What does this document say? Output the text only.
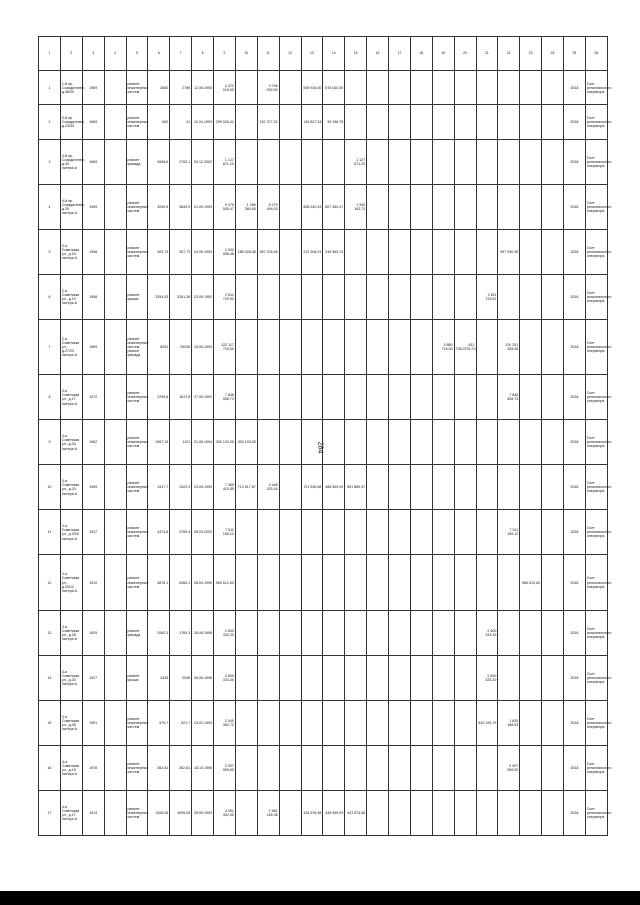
284
1	2	3	4	5	6	7	8	9	10	11	12	13	14	15	16	17	18	19	20	21	22	23	24	25	26
1	1-й пр. Созидателей, д.38/30	1969		ремонт инженерных систем	3560	2789	12.06.1993	4 472 016,00		3 748 092,00		549 916,00	578 040,00											2018	Счет регионального оператора
2	2-й пр. Созидателей, д.23/33	1969		ремонт инженерных систем	600	41	12.04.1993	299 526,41		167 377,32		145 827,34	39 348,75											2018	Счет регионального оператора
3	3-й пр. Созидателей, д.25 литера А	1969		ремонт фасада	2698,6	2763,1	03.12.2002	1 127 671,20						1 127 671,20										2018	Счет регионального оператора
4	4-й пр. Созидателей, д.25 литера А	1969		ремонт инженерных систем	3090,6	3849,9	01.09.1993	9 475 505,47	1 396 380,65	5 279 494,03		808 240,43	607 450,47	1 340 163,72										2018	Счет регионального оператора
5	2-я Советская ул., д.15 литера А	1958		ремонт инженерных систем	403,73	357,73	24.06.1993	2 002 096,46	185 028,36	967 378,46		212 308,91	249 463,74								997 930,95			2018	Счет регионального оператора
6	2-я Советская ул., д.19 литера А	1958		ремонт крыши	3354,03	3281,38	23.09.1992	2 811 729,52												2 811 729,52				2018	Счет регионального оператора
7	2-я Советская ул., д.27/23 литера А	1969		ремонт инженерных систем, ремонт фасада	8251	29030	15.05.1993	122 117 719,00										5 860 716,00	812 746,0701,74		120 251 285,95			2018	Счет регионального оператора
8	3-я Советская ул., д.17 литера А	1972		ремонт инженерных систем	2295,8	1872,8	17.05.1992	7 846 508,73													7 846 508,73			2018	Счет регионального оператора
9	3-я Советская ул., д.34 литера А	1962		ремонт инженерных систем	1987,15	1101	21.08.1994	300 103,05	300 103,05															2018	Счет регионального оператора
10	3-я Советская ул., д.20 литера А	1969		ремонт инженерных систем	1517,7	1923,3	23.05.1994	7 369 410,85	714 517,87	3 448 325,16		721 536,58	468 509,00	651 889,37										2018	Счет регионального оператора
11	3-я Советская ул., д.20/5 литера А	1937		ремонт инженерных систем	4374,8	3769,4	26.03.2003	7 511 169,12													7 511 169,12			2018	Счет регионального оператора
12	3-я Советская ул., д.20/12 литера А	1910		ремонт инженерных систем	5878,1	5365,1	28.04.1999	960 612,60														960 612,60		2018	Счет регионального оператора
13	3-я Советская ул., д.28 литера А	1929		ремонт фасада	2062,3	1769,3	26.08.1998	2 600 333,30												2 600 333,30				2018	Счет регионального оператора
14	3-я Советская ул., д.30 литера А	1927		ремонт крыши	2435	2046	26.08.1998	2 600 333,30												2 600 333,30				2018	Счет регионального оператора
15	3-я Советская ул., д.35 литера А	1991		ремонт инженерных систем	575,7	521,7	13.02.1993	2 440 382,72												810 193,79	1 630 188,93			2018	Счет регионального оператора
16	4-я Советская ул., д.15 литера А	1978		ремонт инженерных систем	362,81	362,81	18.10.1996	2 007 959,50													2 007 959,50			2018	Счет регионального оператора
17	4-я Советская ул., д.17 литера А	1913		ремонт инженерных систем	1306,05	1095,05	28.09.1993	4 051 402,00		2 961 155,38		418 576,98	445 595,93	441 574,68										2018	Счет регионального оператора
